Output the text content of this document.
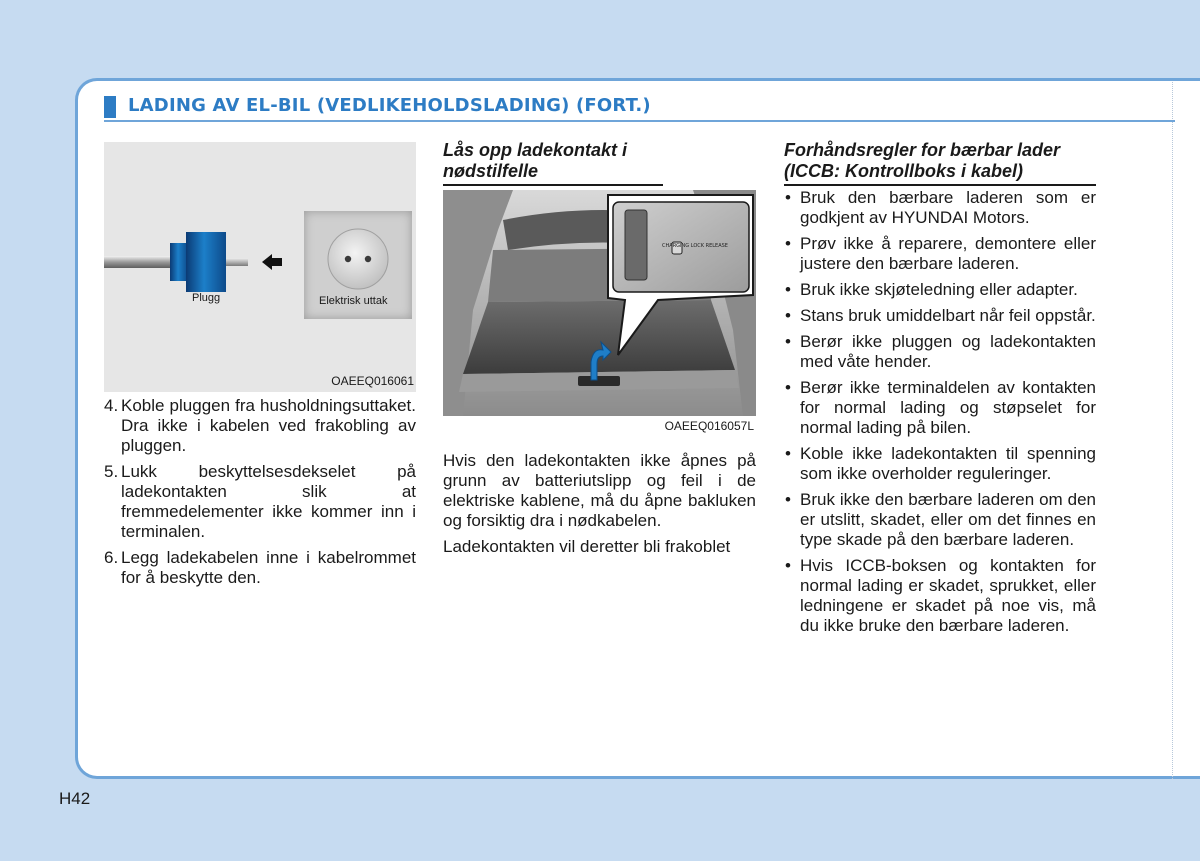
LADING AV EL-BIL (VEDLIKEHOLDSLADING) (FORT.)
Plugg	Elektrisk uttak
OAEEQ016061
4. Koble pluggen fra husholdningsuttaket. Dra ikke i kabelen ved frakobling av pluggen.
5. Lukk beskyttelsesdekselet på ladekontakten slik at fremmedelementer ikke kommer inn i terminalen.
6. Legg ladekabelen inne i kabelrommet for å beskytte den.
Lås opp ladekontakt i nødstilfelle
CHARGING LOCK RELEASE
OAEEQ016057L

Hvis den ladekontakten ikke åpnes på grunn av batteriutslipp og feil i de elektriske kablene, må du åpne bakluken og forsiktig dra i nødkabelen.

Ladekontakten vil deretter bli frakoblet

Forhåndsregler for bærbar lader (ICCB: Kontrollboks i kabel)
• Bruk den bærbare laderen som er godkjent av HYUNDAI Motors.
• Prøv ikke å reparere, demontere eller justere den bærbare laderen.
• Bruk ikke skjøteledning eller adapter.
• Stans bruk umiddelbart når feil oppstår.
• Berør ikke pluggen og ladekontakten med våte hender.
• Berør ikke terminaldelen av kontakten for normal lading og støpselet for normal lading på bilen.
• Koble ikke ladekontakten til spenning som ikke overholder reguleringer.
• Bruk ikke den bærbare laderen om den er utslitt, skadet, eller om det finnes en type skade på den bærbare laderen.
• Hvis ICCB-boksen og kontakten for normal lading er skadet, sprukket, eller ledningene er skadet på noe vis, må du ikke bruke den bærbare laderen.
H42
